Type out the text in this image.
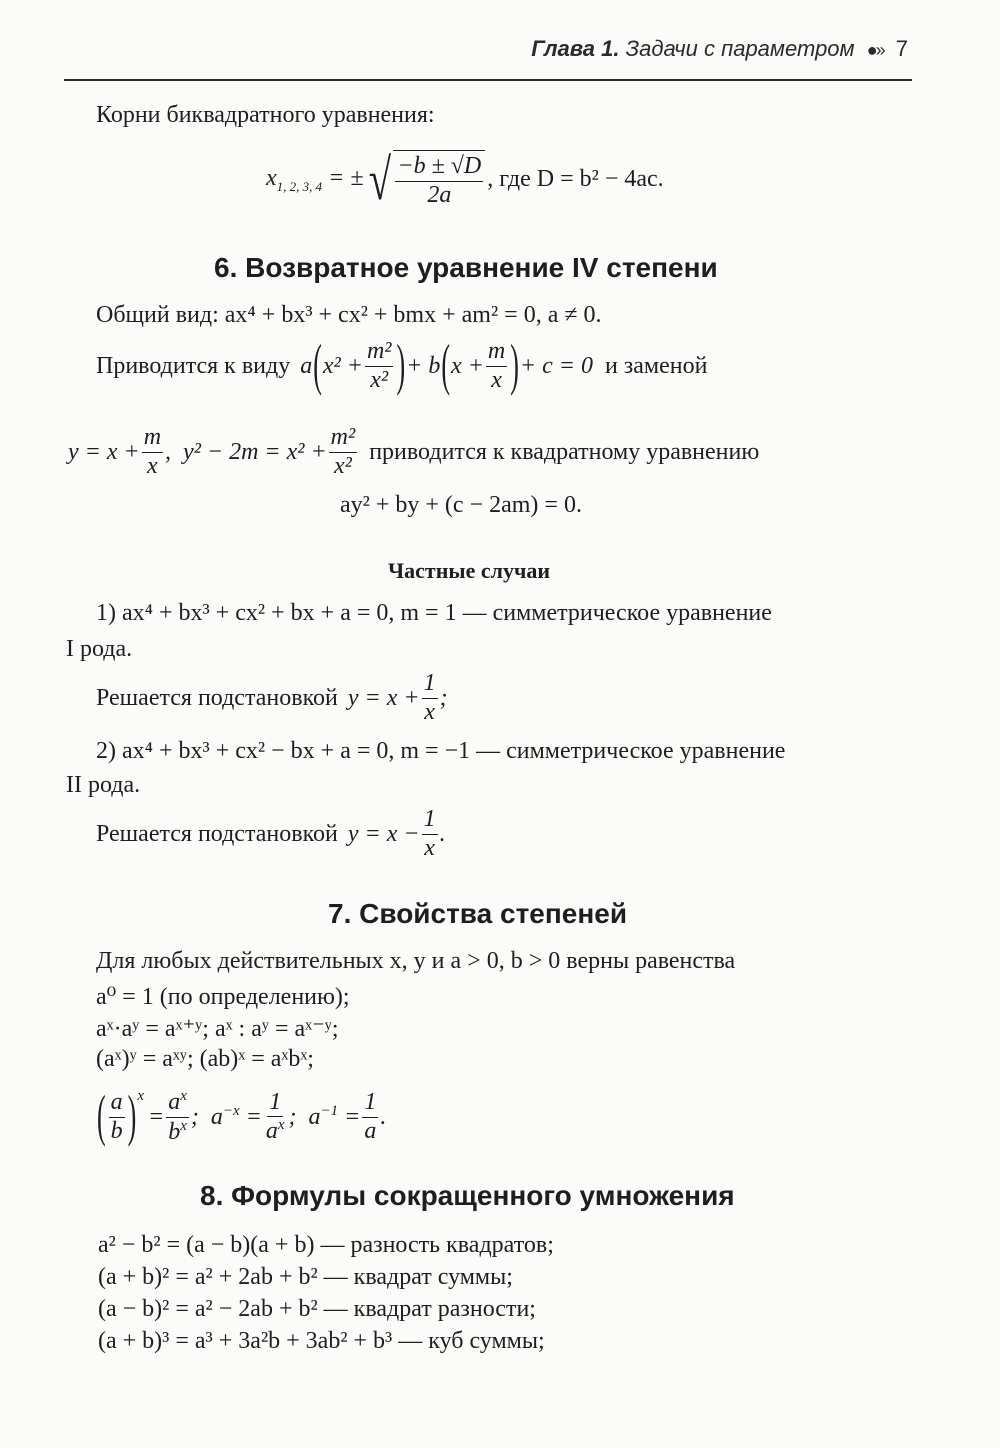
Глава 1. Задачи с параметром ●›› 7
Корни биквадратного уравнения:
$x_{1, 2, 3, 4}$ = ± √ $\frac{-b \pm √D}{2a}$ , где D = b² − 4ac.
6. Возвратное уравнение IV степени
Общий вид: ax⁴ + bx³ + cx² + bmx + am² = 0, a ≠ 0.
Приводится к виду a ( $x^2 + \frac{\text{m²}}{\text{x²}}$ ) + b ( $x + \frac{m}{x}$ ) + c = 0 и заменой
$y = x + \frac{m}{x}$ ,  $y^2 - 2m = x^2 + \frac{\text{m²}}{\text{x²}}$ приводится к квадратному уравнению
ay² + by + (c − 2am) = 0.
Частные случаи
1) ax⁴ + bx³ + cx² + bx + a = 0, m = 1 — симметрическое уравнение
I рода.
Решается подстановкой $y = x + \frac{1}{x}$ ;
2) ax⁴ + bx³ + cx² − bx + a = 0, m = −1 — симметрическое уравнение
II рода.
Решается подстановкой $y = x - \frac{1}{x}$ .
7. Свойства степеней
Для любых действительных x, y и a > 0, b > 0 верны равенства
a⁰ = 1 (по определению);
aˣ·aʸ = aˣ⁺ʸ; aˣ : aʸ = aˣ⁻ʸ;
(aˣ)ʸ = aˣʸ; (ab)ˣ = aˣbˣ;
( $\frac{a}{b}$ ) x
= $\frac{a^x}{b^x}$ ;  $a^{-x} = \frac{1}{a^x}$ ;  $a^{-1} = \frac{1}{a}$ .
8. Формулы сокращенного умножения
a² − b² = (a − b)(a + b) — разность квадратов;
(a + b)² = a² + 2ab + b² — квадрат суммы;
(a − b)² = a² − 2ab + b² — квадрат разности;
(a + b)³ = a³ + 3a²b + 3ab² + b³ — куб суммы;
